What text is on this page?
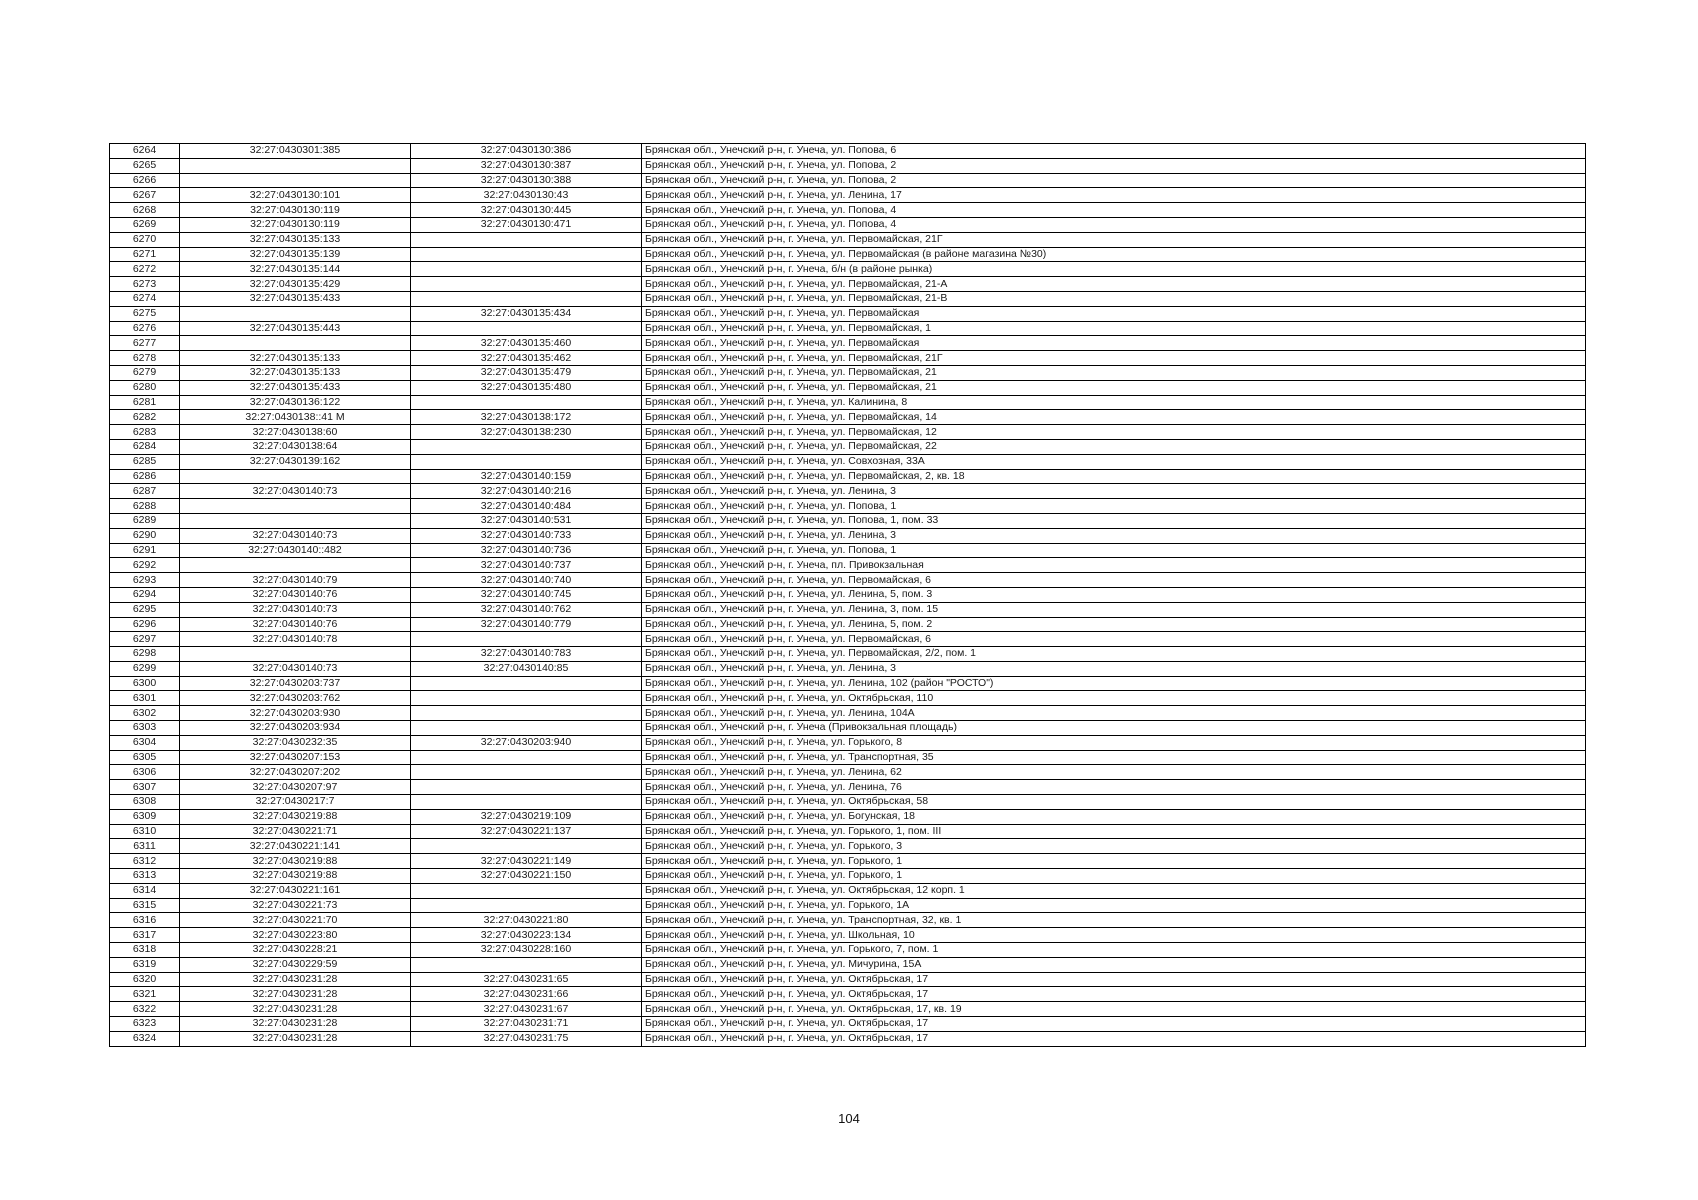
6264	32:27:0430301:385	32:27:0430130:386	Брянская обл., Унечский р-н, г. Унеча, ул. Попова, 6
6265		32:27:0430130:387	Брянская обл., Унечский р-н, г. Унеча, ул. Попова, 2
6266		32:27:0430130:388	Брянская обл., Унечский р-н, г. Унеча, ул. Попова, 2
6267	32:27:0430130:101	32:27:0430130:43	Брянская обл., Унечский р-н, г. Унеча, ул. Ленина, 17
6268	32:27:0430130:119	32:27:0430130:445	Брянская обл., Унечский р-н, г. Унеча, ул. Попова, 4
6269	32:27:0430130:119	32:27:0430130:471	Брянская обл., Унечский р-н, г. Унеча, ул. Попова, 4
6270	32:27:0430135:133		Брянская обл., Унечский р-н, г. Унеча, ул. Первомайская, 21Г
6271	32:27:0430135:139		Брянская обл., Унечский р-н, г. Унеча, ул. Первомайская (в районе магазина №30)
6272	32:27:0430135:144		Брянская обл., Унечский р-н, г. Унеча, б/н (в районе рынка)
6273	32:27:0430135:429		Брянская обл., Унечский р-н, г. Унеча, ул. Первомайская, 21-А
6274	32:27:0430135:433		Брянская обл., Унечский р-н, г. Унеча, ул. Первомайская, 21-В
6275		32:27:0430135:434	Брянская обл., Унечский р-н, г. Унеча, ул. Первомайская
6276	32:27:0430135:443		Брянская обл., Унечский р-н, г. Унеча, ул. Первомайская, 1
6277		32:27:0430135:460	Брянская обл., Унечский р-н, г. Унеча, ул. Первомайская
6278	32:27:0430135:133	32:27:0430135:462	Брянская обл., Унечский р-н, г. Унеча, ул. Первомайская, 21Г
6279	32:27:0430135:133	32:27:0430135:479	Брянская обл., Унечский р-н, г. Унеча, ул. Первомайская, 21
6280	32:27:0430135:433	32:27:0430135:480	Брянская обл., Унечский р-н, г. Унеча, ул. Первомайская, 21
6281	32:27:0430136:122		Брянская обл., Унечский р-н, г. Унеча, ул. Калинина, 8
6282	32:27:0430138::41 М	32:27:0430138:172	Брянская обл., Унечский р-н, г. Унеча, ул. Первомайская, 14
6283	32:27:0430138:60	32:27:0430138:230	Брянская обл., Унечский р-н, г. Унеча, ул. Первомайская, 12
6284	32:27:0430138:64		Брянская обл., Унечский р-н, г. Унеча, ул. Первомайская, 22
6285	32:27:0430139:162		Брянская обл., Унечский р-н, г. Унеча, ул. Совхозная, 33А
6286		32:27:0430140:159	Брянская обл., Унечский р-н, г. Унеча, ул. Первомайская, 2, кв. 18
6287	32:27:0430140:73	32:27:0430140:216	Брянская обл., Унечский р-н, г. Унеча, ул. Ленина, 3
6288		32:27:0430140:484	Брянская обл., Унечский р-н, г. Унеча, ул. Попова, 1
6289		32:27:0430140:531	Брянская обл., Унечский р-н, г. Унеча, ул. Попова, 1, пом. 33
6290	32:27:0430140:73	32:27:0430140:733	Брянская обл., Унечский р-н, г. Унеча, ул. Ленина, 3
6291	32:27:0430140::482	32:27:0430140:736	Брянская обл., Унечский р-н, г. Унеча, ул. Попова, 1
6292		32:27:0430140:737	Брянская обл., Унечский р-н, г. Унеча, пл. Привокзальная
6293	32:27:0430140:79	32:27:0430140:740	Брянская обл., Унечский р-н, г. Унеча, ул. Первомайская, 6
6294	32:27:0430140:76	32:27:0430140:745	Брянская обл., Унечский р-н, г. Унеча, ул. Ленина, 5, пом. 3
6295	32:27:0430140:73	32:27:0430140:762	Брянская обл., Унечский р-н, г. Унеча, ул. Ленина, 3, пом. 15
6296	32:27:0430140:76	32:27:0430140:779	Брянская обл., Унечский р-н, г. Унеча, ул. Ленина, 5, пом. 2
6297	32:27:0430140:78		Брянская обл., Унечский р-н, г. Унеча, ул. Первомайская, 6
6298		32:27:0430140:783	Брянская обл., Унечский р-н, г. Унеча, ул. Первомайская, 2/2, пом. 1
6299	32:27:0430140:73	32:27:0430140:85	Брянская обл., Унечский р-н, г. Унеча, ул. Ленина, 3
6300	32:27:0430203:737		Брянская обл., Унечский р-н, г. Унеча, ул. Ленина, 102 (район "РОСТО")
6301	32:27:0430203:762		Брянская обл., Унечский р-н, г. Унеча, ул. Октябрьская, 110
6302	32:27:0430203:930		Брянская обл., Унечский р-н, г. Унеча, ул. Ленина, 104А
6303	32:27:0430203:934		Брянская обл., Унечский р-н, г. Унеча (Привокзальная площадь)
6304	32:27:0430232:35	32:27:0430203:940	Брянская обл., Унечский р-н, г. Унеча, ул. Горького, 8
6305	32:27:0430207:153		Брянская обл., Унечский р-н, г. Унеча, ул. Транспортная, 35
6306	32:27:0430207:202		Брянская обл., Унечский р-н, г. Унеча, ул. Ленина, 62
6307	32:27:0430207:97		Брянская обл., Унечский р-н, г. Унеча, ул. Ленина, 76
6308	32:27:0430217:7		Брянская обл., Унечский р-н, г. Унеча, ул. Октябрьская, 58
6309	32:27:0430219:88	32:27:0430219:109	Брянская обл., Унечский р-н, г. Унеча, ул. Богунская, 18
6310	32:27:0430221:71	32:27:0430221:137	Брянская обл., Унечский р-н, г. Унеча, ул. Горького, 1, пом. III
6311	32:27:0430221:141		Брянская обл., Унечский р-н, г. Унеча, ул. Горького, 3
6312	32:27:0430219:88	32:27:0430221:149	Брянская обл., Унечский р-н, г. Унеча, ул. Горького, 1
6313	32:27:0430219:88	32:27:0430221:150	Брянская обл., Унечский р-н, г. Унеча, ул. Горького, 1
6314	32:27:0430221:161		Брянская обл., Унечский р-н, г. Унеча, ул. Октябрьская, 12 корп. 1
6315	32:27:0430221:73		Брянская обл., Унечский р-н, г. Унеча, ул. Горького, 1А
6316	32:27:0430221:70	32:27:0430221:80	Брянская обл., Унечский р-н, г. Унеча, ул. Транспортная, 32, кв. 1
6317	32:27:0430223:80	32:27:0430223:134	Брянская обл., Унечский р-н, г. Унеча, ул. Школьная, 10
6318	32:27:0430228:21	32:27:0430228:160	Брянская обл., Унечский р-н, г. Унеча, ул. Горького, 7, пом. 1
6319	32:27:0430229:59		Брянская обл., Унечский р-н, г. Унеча, ул. Мичурина, 15А
6320	32:27:0430231:28	32:27:0430231:65	Брянская обл., Унечский р-н, г. Унеча, ул. Октябрьская, 17
6321	32:27:0430231:28	32:27:0430231:66	Брянская обл., Унечский р-н, г. Унеча, ул. Октябрьская, 17
6322	32:27:0430231:28	32:27:0430231:67	Брянская обл., Унечский р-н, г. Унеча, ул. Октябрьская, 17, кв. 19
6323	32:27:0430231:28	32:27:0430231:71	Брянская обл., Унечский р-н, г. Унеча, ул. Октябрьская, 17
6324	32:27:0430231:28	32:27:0430231:75	Брянская обл., Унечский р-н, г. Унеча, ул. Октябрьская, 17
104
